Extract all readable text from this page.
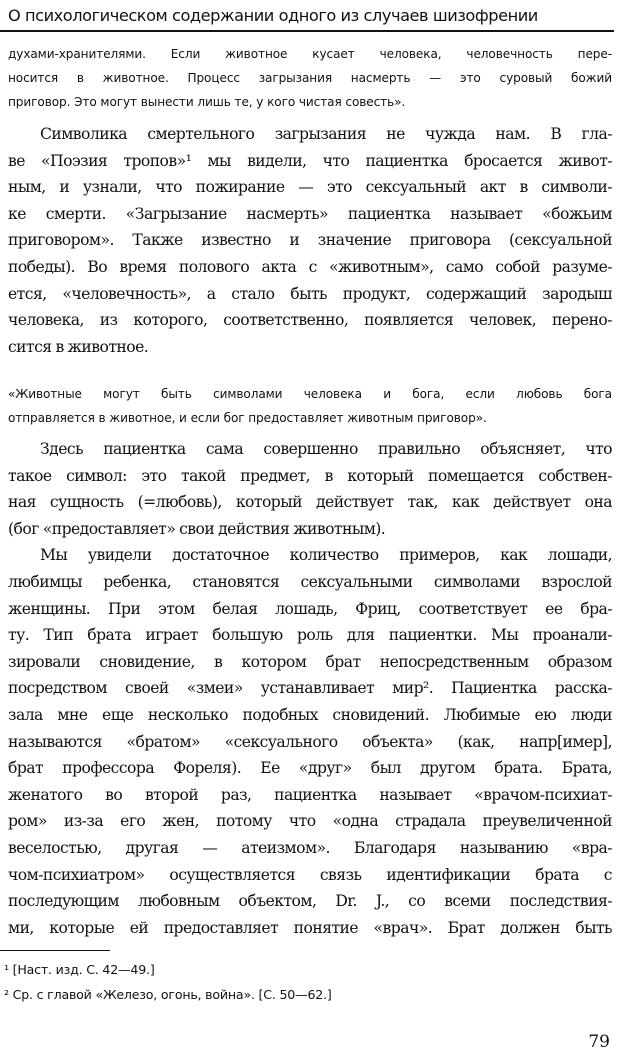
О психологическом содержании одного из случаев шизофрении
духами-хранителями. Если животное кусает человека, человечность пере-
носится в животное. Процесс загрызания насмерть — это суровый божий
приговор. Это могут вынести лишь те, у кого чистая совесть».
Символика смертельного загрызания не чужда нам. В гла-
ве «Поэзия тропов»¹ мы видели, что пациентка бросается живот-
ным, и узнали, что пожирание — это сексуальный акт в символи-
ке смерти. «Загрызание насмерть» пациентка называет «божьим
приговором». Также известно и значение приговора (сексуальной
победы). Во время полового акта с «животным», само собой разуме-
ется, «человечность», а стало быть продукт, содержащий зародыш
человека, из которого, соответственно, появляется человек, перено-
сится в животное.
«Животные могут быть символами человека и бога, если любовь бога
отправляется в животное, и если бог предоставляет животным приговор».
Здесь пациентка сама совершенно правильно объясняет, что
такое символ: это такой предмет, в который помещается собствен-
ная сущность (=любовь), который действует так, как действует она
(бог «предоставляет» свои действия животным).
Мы увидели достаточное количество примеров, как лошади,
любимцы ребенка, становятся сексуальными символами взрослой
женщины. При этом белая лошадь, Фриц, соответствует ее бра-
ту. Тип брата играет большую роль для пациентки. Мы проанали-
зировали сновидение, в котором брат непосредственным образом
посредством своей «змеи» устанавливает мир². Пациентка расска-
зала мне еще несколько подобных сновидений. Любимые ею люди
называются «братом» «сексуального объекта» (как, напр[имер],
брат профессора Фореля). Ее «друг» был другом брата. Брата,
женатого во второй раз, пациентка называет «врачом-психиат-
ром» из-за его жен, потому что «одна страдала преувеличенной
веселостью, другая — атеизмом». Благодаря называнию «вра-
чом-психиатром» осуществляется связь идентификации брата с
последующим любовным объектом, Dr. J., со всеми последствия-
ми, которые ей предоставляет понятие «врач». Брат должен быть
¹ [Наст. изд. С. 42—49.]
² Ср. с главой «Железо, огонь, война». [С. 50—62.]
79
